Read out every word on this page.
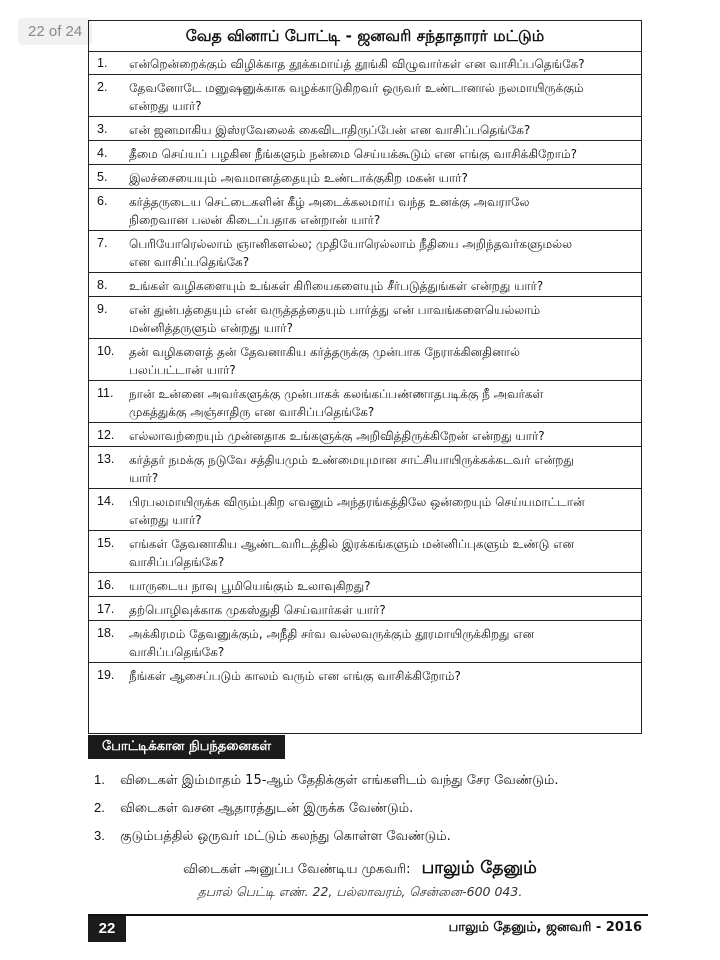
22 of 24	வேத வினாப் போட்டி - ஜனவரி சந்தாதாரர் மட்டும்
1. என்றென்றைக்கும் விழிக்காத தூக்கமாய்த் தூங்கி விழுவார்கள் என வாசிப்பதெங்கே?
2. தேவனோடே மனுஷனுக்காக வழக்காடுகிறவர் ஒருவர் உண்டானால் நலமாயிருக்கும்
என்றது யார்?
3. என் ஜனமாகிய இஸ்ரவேலைக் கைவிடாதிருப்பேன் என வாசிப்பதெங்கே?
4. தீமை செய்யப் பழகின நீங்களும் நன்மை செய்யக்கூடும் என எங்கு வாசிக்கிறோம்?
5. இலச்சையையும் அவமானத்தையும் உண்டாக்குகிற மகன் யார்?
6. கர்த்தருடைய செட்டைகளின் கீழ் அடைக்கலமாய் வந்த உனக்கு அவராலே
நிறைவான பலன் கிடைப்பதாக என்றான் யார்?
7. பெரியோரெல்லாம் ஞானிகளல்ல; முதியோரெல்லாம் நீதியை அறிந்தவர்களுமல்ல
என வாசிப்பதெங்கே?
8. உங்கள் வழிகளையும் உங்கள் கிரியைகளையும் சீர்படுத்துங்கள் என்றது யார்?
9. என் துன்பத்தையும் என் வருத்தத்தையும் பார்த்து என் பாவங்களையெல்லாம்
மன்னித்தருளும் என்றது யார்?
10. தன் வழிகளைத் தன் தேவனாகிய கர்த்தருக்கு முன்பாக நேராக்கினதினால்
பலப்பட்டான் யார்?
11. நான் உன்னை அவர்களுக்கு முன்பாகக் கலங்கப்பண்ணாதபடிக்கு நீ அவர்கள்
முகத்துக்கு அஞ்சாதிரு என வாசிப்பதெங்கே?
12. எல்லாவற்றையும் முன்னதாக உங்களுக்கு அறிவித்திருக்கிறேன் என்றது யார்?
13. கர்த்தர் நமக்கு நடுவே சத்தியமும் உண்மையுமான சாட்சியாயிருக்கக்கடவர் என்றது
யார்?
14. பிரபலமாயிருக்க விரும்புகிற எவனும் அந்தரங்கத்திலே ஒன்றையும் செய்யமாட்டான்
என்றது யார்?
15. எங்கள் தேவனாகிய ஆண்டவரிடத்தில் இரக்கங்களும் மன்னிப்புகளும் உண்டு என
வாசிப்பதெங்கே?
16. யாருடைய நாவு பூமியெங்கும் உலாவுகிறது?
17. தற்பொழிவுக்காக முகஸ்துதி செய்வார்கள் யார்?
18. அக்கிரமம் தேவனுக்கும், அநீதி சர்வ வல்லவருக்கும் தூரமாயிருக்கிறது என
வாசிப்பதெங்கே?
19. நீங்கள் ஆசைப்படும் காலம் வரும் என எங்கு வாசிக்கிறோம்?
போட்டிக்கான நிபந்தனைகள்
1. விடைகள் இம்மாதம் 15-ஆம் தேதிக்குள் எங்களிடம் வந்து சேர வேண்டும்.
2. விடைகள் வசன ஆதாரத்துடன் இருக்க வேண்டும்.
3. குடும்பத்தில் ஒருவர் மட்டும் கலந்து கொள்ள வேண்டும்.
விடைகள் அனுப்ப வேண்டிய முகவரி: பாலும் தேனும்
தபால் பெட்டி எண். 22, பல்லாவரம், சென்னை-600 043.
22	பாலும் தேனும், ஜனவரி - 2016
